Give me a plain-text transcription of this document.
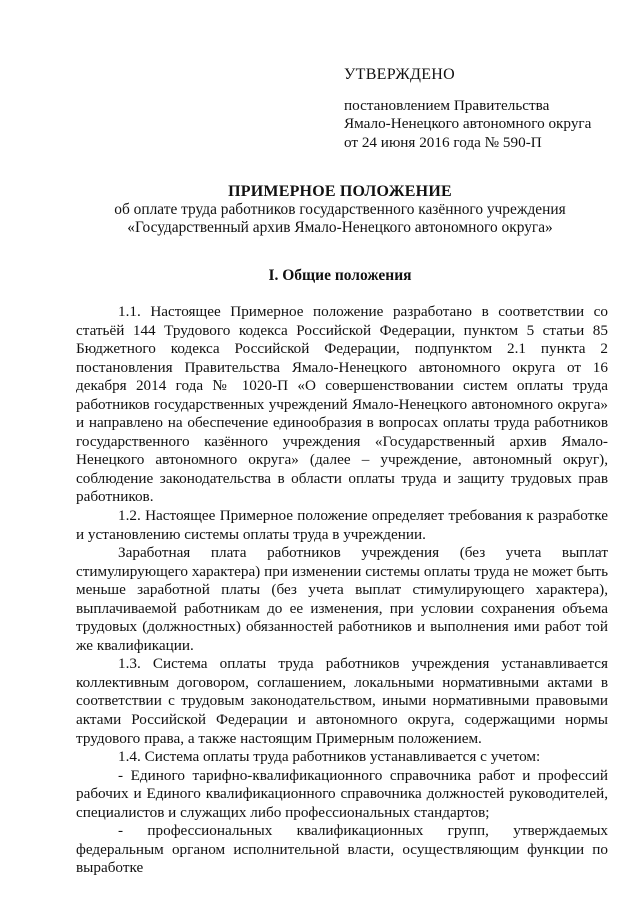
УТВЕРЖДЕНО
постановлением Правительства
Ямало-Ненецкого автономного округа
от 24 июня 2016 года № 590-П
ПРИМЕРНОЕ ПОЛОЖЕНИЕ
об оплате труда работников государственного казённого учреждения
«Государственный архив Ямало-Ненецкого автономного округа»
I. Общие положения

1.1. Настоящее Примерное положение разработано в соответствии со статьёй 144 Трудового кодекса Российской Федерации, пунктом 5 статьи 85 Бюджетного кодекса Российской Федерации, подпунктом 2.1 пункта 2 постановления Правительства Ямало-Ненецкого автономного округа от 16 декабря 2014 года № 1020-П «О совершенствовании систем оплаты труда работников государственных учреждений Ямало-Ненецкого автономного округа» и направлено на обеспечение единообразия в вопросах оплаты труда работников государственного казённого учреждения «Государственный архив Ямало-Ненецкого автономного округа» (далее – учреждение, автономный округ), соблюдение законодательства в области оплаты труда и защиту трудовых прав работников.

1.2. Настоящее Примерное положение определяет требования к разработке и установлению системы оплаты труда в учреждении.

Заработная плата работников учреждения (без учета выплат стимулирующего характера) при изменении системы оплаты труда не может быть меньше заработной платы (без учета выплат стимулирующего характера), выплачиваемой работникам до ее изменения, при условии сохранения объема трудовых (должностных) обязанностей работников и выполнения ими работ той же квалификации.

1.3. Система оплаты труда работников учреждения устанавливается коллективным договором, соглашением, локальными нормативными актами в соответствии с трудовым законодательством, иными нормативными правовыми актами Российской Федерации и автономного округа, содержащими нормы трудового права, а также настоящим Примерным положением.

1.4. Система оплаты труда работников устанавливается с учетом:

- Единого тарифно-квалификационного справочника работ и профессий рабочих и Единого квалификационного справочника должностей руководителей, специалистов и служащих либо профессиональных стандартов;

- профессиональных квалификационных групп, утверждаемых федеральным органом исполнительной власти, осуществляющим функции по выработке
